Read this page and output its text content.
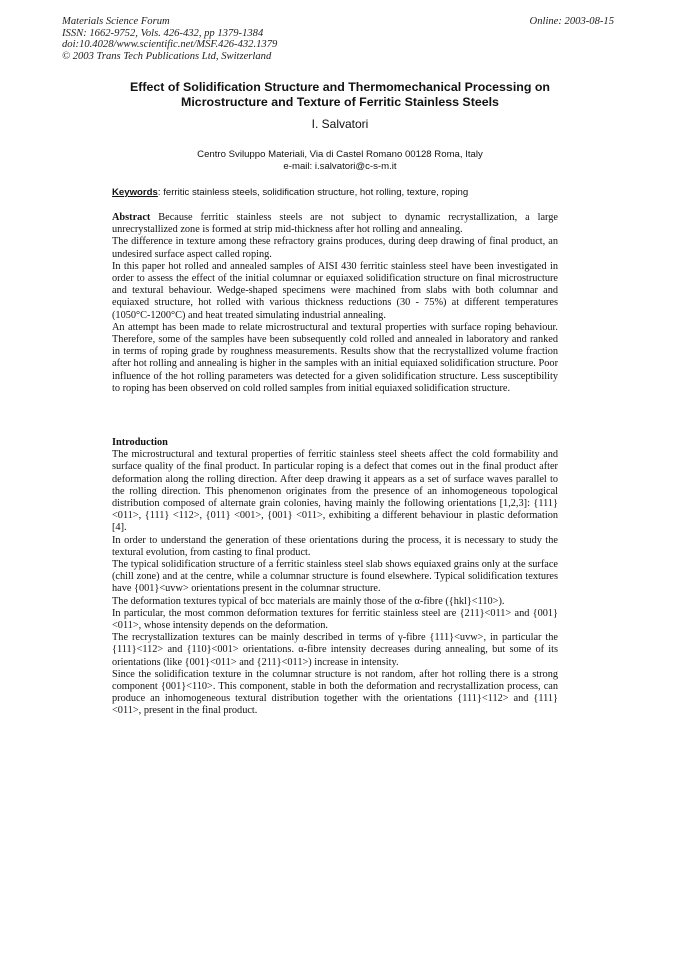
Materials Science Forum
ISSN: 1662-9752, Vols. 426-432, pp 1379-1384
doi:10.4028/www.scientific.net/MSF.426-432.1379
© 2003 Trans Tech Publications Ltd, Switzerland
Online: 2003-08-15
Effect of Solidification Structure and Thermomechanical Processing on
Microstructure and Texture of Ferritic Stainless Steels
I. Salvatori
Centro Sviluppo Materiali, Via di Castel Romano 00128 Roma, Italy
e-mail: i.salvatori@c-s-m.it
Keywords: ferritic stainless steels, solidification structure, hot rolling, texture, roping

Abstract Because ferritic stainless steels are not subject to dynamic recrystallization, a large unrecrystallized zone is formed at strip mid-thickness after hot rolling and annealing.

The difference in texture among these refractory grains produces, during deep drawing of final product, an undesired surface aspect called roping.

In this paper hot rolled and annealed samples of AISI 430 ferritic stainless steel have been investigated in order to assess the effect of the initial columnar or equiaxed solidification structure on final microstructure and textural behaviour. Wedge-shaped specimens were machined from slabs with both columnar and equiaxed structure, hot rolled with various thickness reductions (30 - 75%) at different temperatures (1050°C-1200°C) and heat treated simulating industrial annealing.

An attempt has been made to relate microstructural and textural properties with surface roping behaviour. Therefore, some of the samples have been subsequently cold rolled and annealed in laboratory and ranked in terms of roping grade by roughness measurements. Results show that the recrystallized volume fraction after hot rolling and annealing is higher in the samples with an initial equiaxed solidification structure. Poor influence of the hot rolling parameters was detected for a given solidification structure. Less susceptibility to roping has been observed on cold rolled samples from initial equiaxed solidification structure.

Introduction

The microstructural and textural properties of ferritic stainless steel sheets affect the cold formability and surface quality of the final product. In particular roping is a defect that comes out in the final product after deformation along the rolling direction. After deep drawing it appears as a set of surface waves parallel to the rolling direction. This phenomenon originates from the presence of an inhomogeneous topological distribution composed of alternate grain colonies, having mainly the following orientations [1,2,3]: {111} <011>, {111} <112>, {011} <001>, {001} <011>, exhibiting a different behaviour in plastic deformation [4].

In order to understand the generation of these orientations during the process, it is necessary to study the textural evolution, from casting to final product.

The typical solidification structure of a ferritic stainless steel slab shows equiaxed grains only at the surface (chill zone) and at the centre, while a columnar structure is found elsewhere. Typical solidification textures have {001}<uvw> orientations present in the columnar structure.

The deformation textures typical of bcc materials are mainly those of the α-fibre ({hkl}<110>).

In particular, the most common deformation textures for ferritic stainless steel are {211}<011> and {001}<011>, whose intensity depends on the deformation.

The recrystallization textures can be mainly described in terms of γ-fibre {111}<uvw>, in particular the {111}<112> and {110}<001> orientations. α-fibre intensity decreases during annealing, but some of its orientations (like {001}<011> and {211}<011>) increase in intensity.

Since the solidification texture in the columnar structure is not random, after hot rolling there is a strong component {001}<110>. This component, stable in both the deformation and recrystallization process, can produce an inhomogeneous textural distribution together with the orientations {111}<112> and {111}<011>, present in the final product.
